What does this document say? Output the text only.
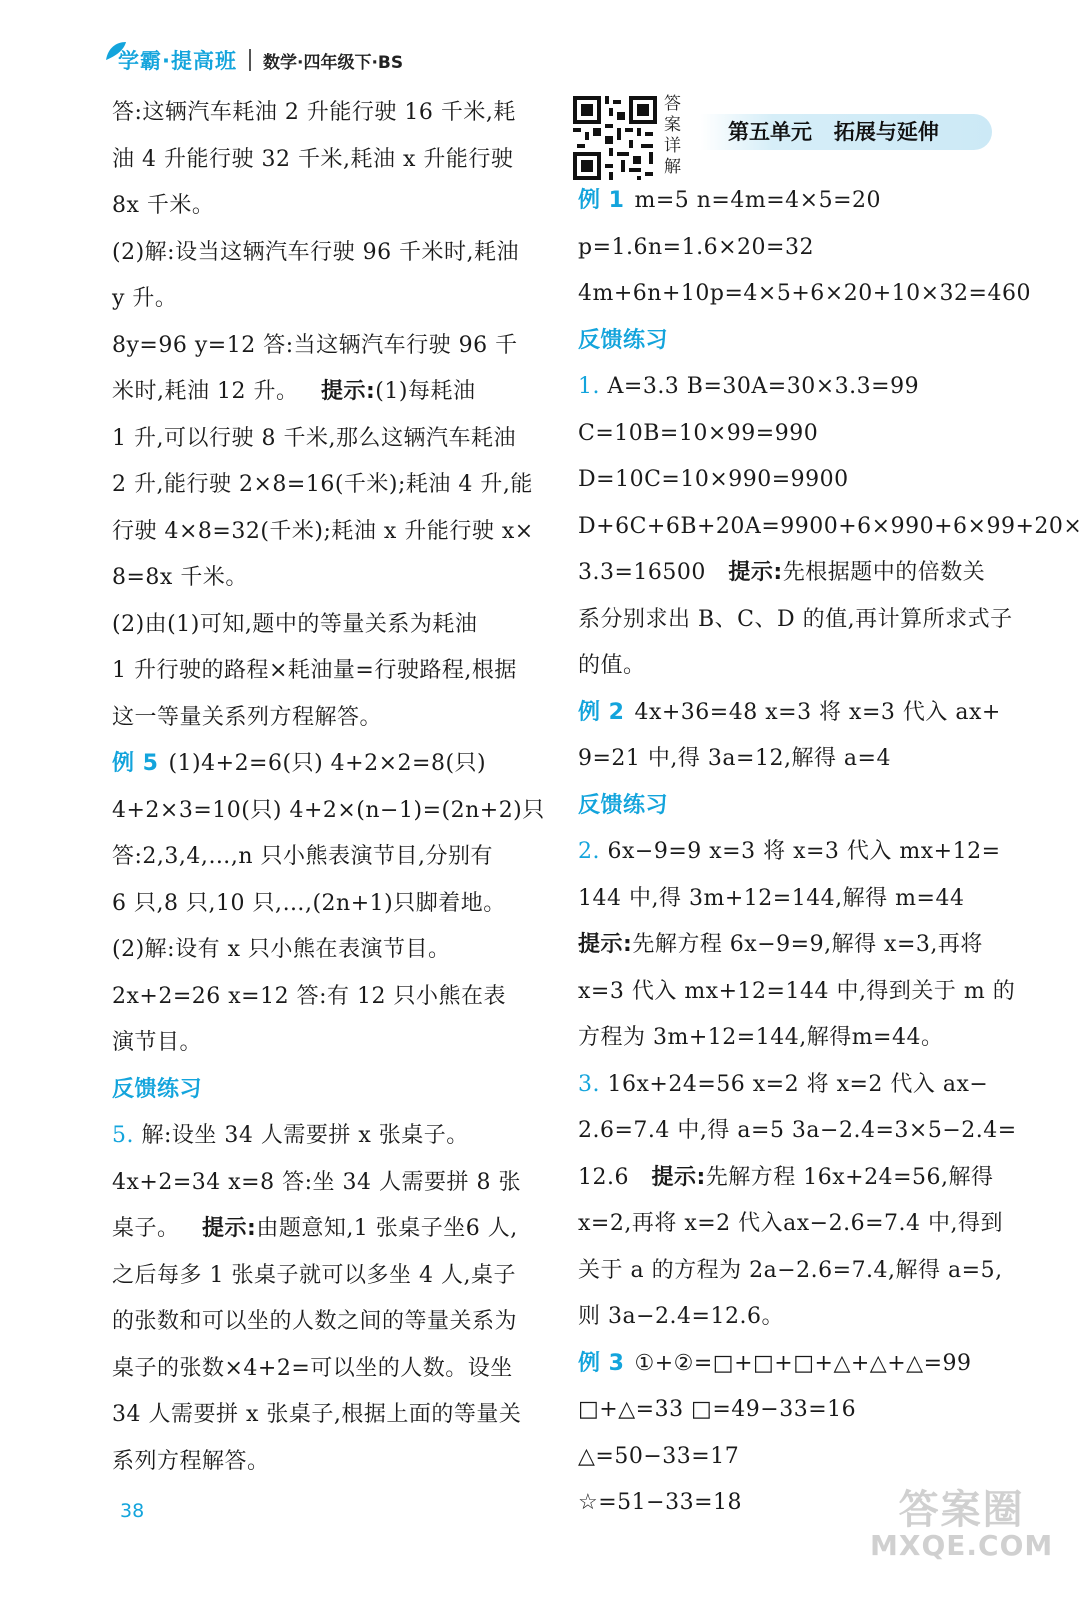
学霸·提高班 数学·四年级下·BS
答:这辆汽车耗油 2 升能行驶 16 千米,耗
油 4 升能行驶 32 千米,耗油 x 升能行驶
8x 千米。
(2)解:设当这辆汽车行驶 96 千米时,耗油
y 升。
8y=96 y=12 答:当这辆汽车行驶 96 千
米时,耗油 12 升。 提示:(1)每耗油
1 升,可以行驶 8 千米,那么这辆汽车耗油
2 升,能行驶 2×8=16(千米);耗油 4 升,能
行驶 4×8=32(千米);耗油 x 升能行驶 x×
8=8x 千米。
(2)由(1)可知,题中的等量关系为耗油
1 升行驶的路程×耗油量=行驶路程,根据
这一等量关系列方程解答。
例 5 (1)4+2=6(只) 4+2×2=8(只)
4+2×3=10(只) 4+2×(n−1)=(2n+2)只
答:2,3,4,…,n 只小熊表演节目,分别有
6 只,8 只,10 只,…,(2n+1)只脚着地。
(2)解:设有 x 只小熊在表演节目。
2x+2=26 x=12 答:有 12 只小熊在表
演节目。
反馈练习
5. 解:设坐 34 人需要拼 x 张桌子。
4x+2=34 x=8 答:坐 34 人需要拼 8 张
桌子。 提示:由题意知,1 张桌子坐6 人,
之后每多 1 张桌子就可以多坐 4 人,桌子
的张数和可以坐的人数之间的等量关系为
桌子的张数×4+2=可以坐的人数。设坐
34 人需要拼 x 张桌子,根据上面的等量关
系列方程解答。
答案详解
第五单元   拓展与延伸
例 1 m=5 n=4m=4×5=20
p=1.6n=1.6×20=32
4m+6n+10p=4×5+6×20+10×32=460
反馈练习
1. A=3.3 B=30A=30×3.3=99
C=10B=10×99=990
D=10C=10×990=9900
D+6C+6B+20A=9900+6×990+6×99+20×
3.3=16500 提示:先根据题中的倍数关
系分别求出 B、C、D 的值,再计算所求式子
的值。
例 2 4x+36=48 x=3 将 x=3 代入 ax+
9=21 中,得 3a=12,解得 a=4
反馈练习
2. 6x−9=9 x=3 将 x=3 代入 mx+12=
144 中,得 3m+12=144,解得 m=44
提示:先解方程 6x−9=9,解得 x=3,再将
x=3 代入 mx+12=144 中,得到关于 m 的
方程为 3m+12=144,解得m=44。
3. 16x+24=56 x=2 将 x=2 代入 ax−
2.6=7.4 中,得 a=5 3a−2.4=3×5−2.4=
12.6 提示:先解方程 16x+24=56,解得
x=2,再将 x=2 代入ax−2.6=7.4 中,得到
关于 a 的方程为 2a−2.6=7.4,解得 a=5,
则 3a−2.4=12.6。
例 3 ①+②=□+□+□+△+△+△=99
□+△=33 □=49−33=16
△=50−33=17
☆=51−33=18
38	答案圈
MXQE.COM
